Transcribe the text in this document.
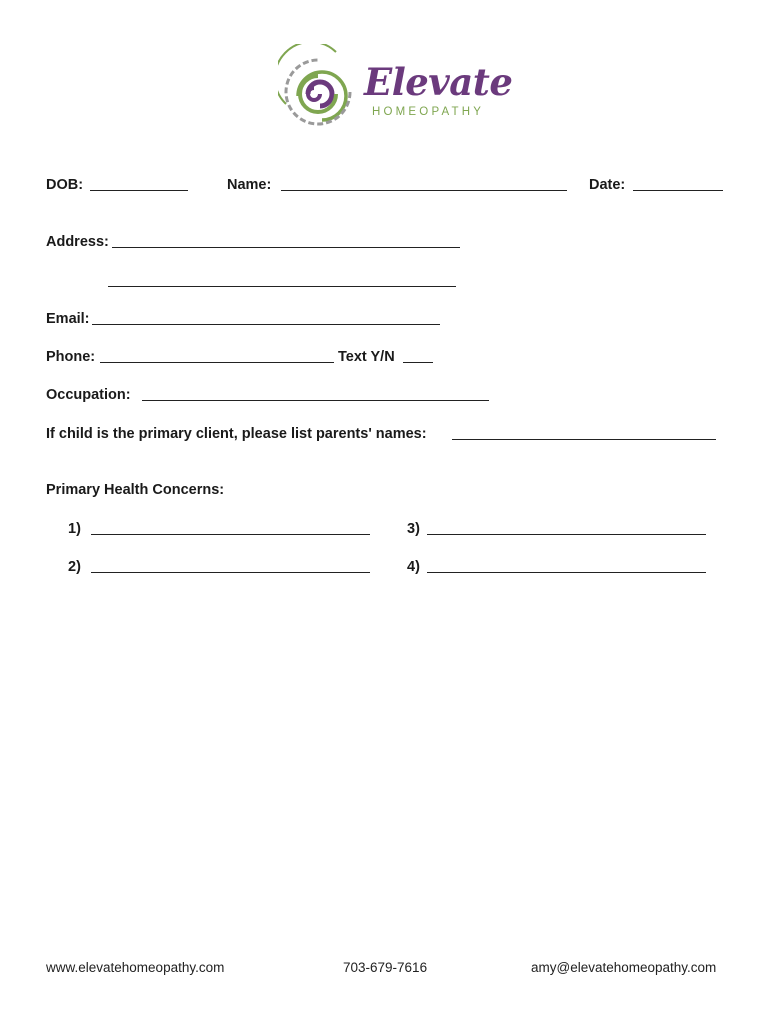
Elevate
HOMEOPATHY
DOB:	Name:	Date:
Address:
Email:
Phone:	Text Y/N
Occupation:
If child is the primary client, please list parents' names:
Primary Health Concerns:
1)
2)
3)
4)
www.elevatehomeopathy.com	703-679-7616	amy@elevatehomeopathy.com
